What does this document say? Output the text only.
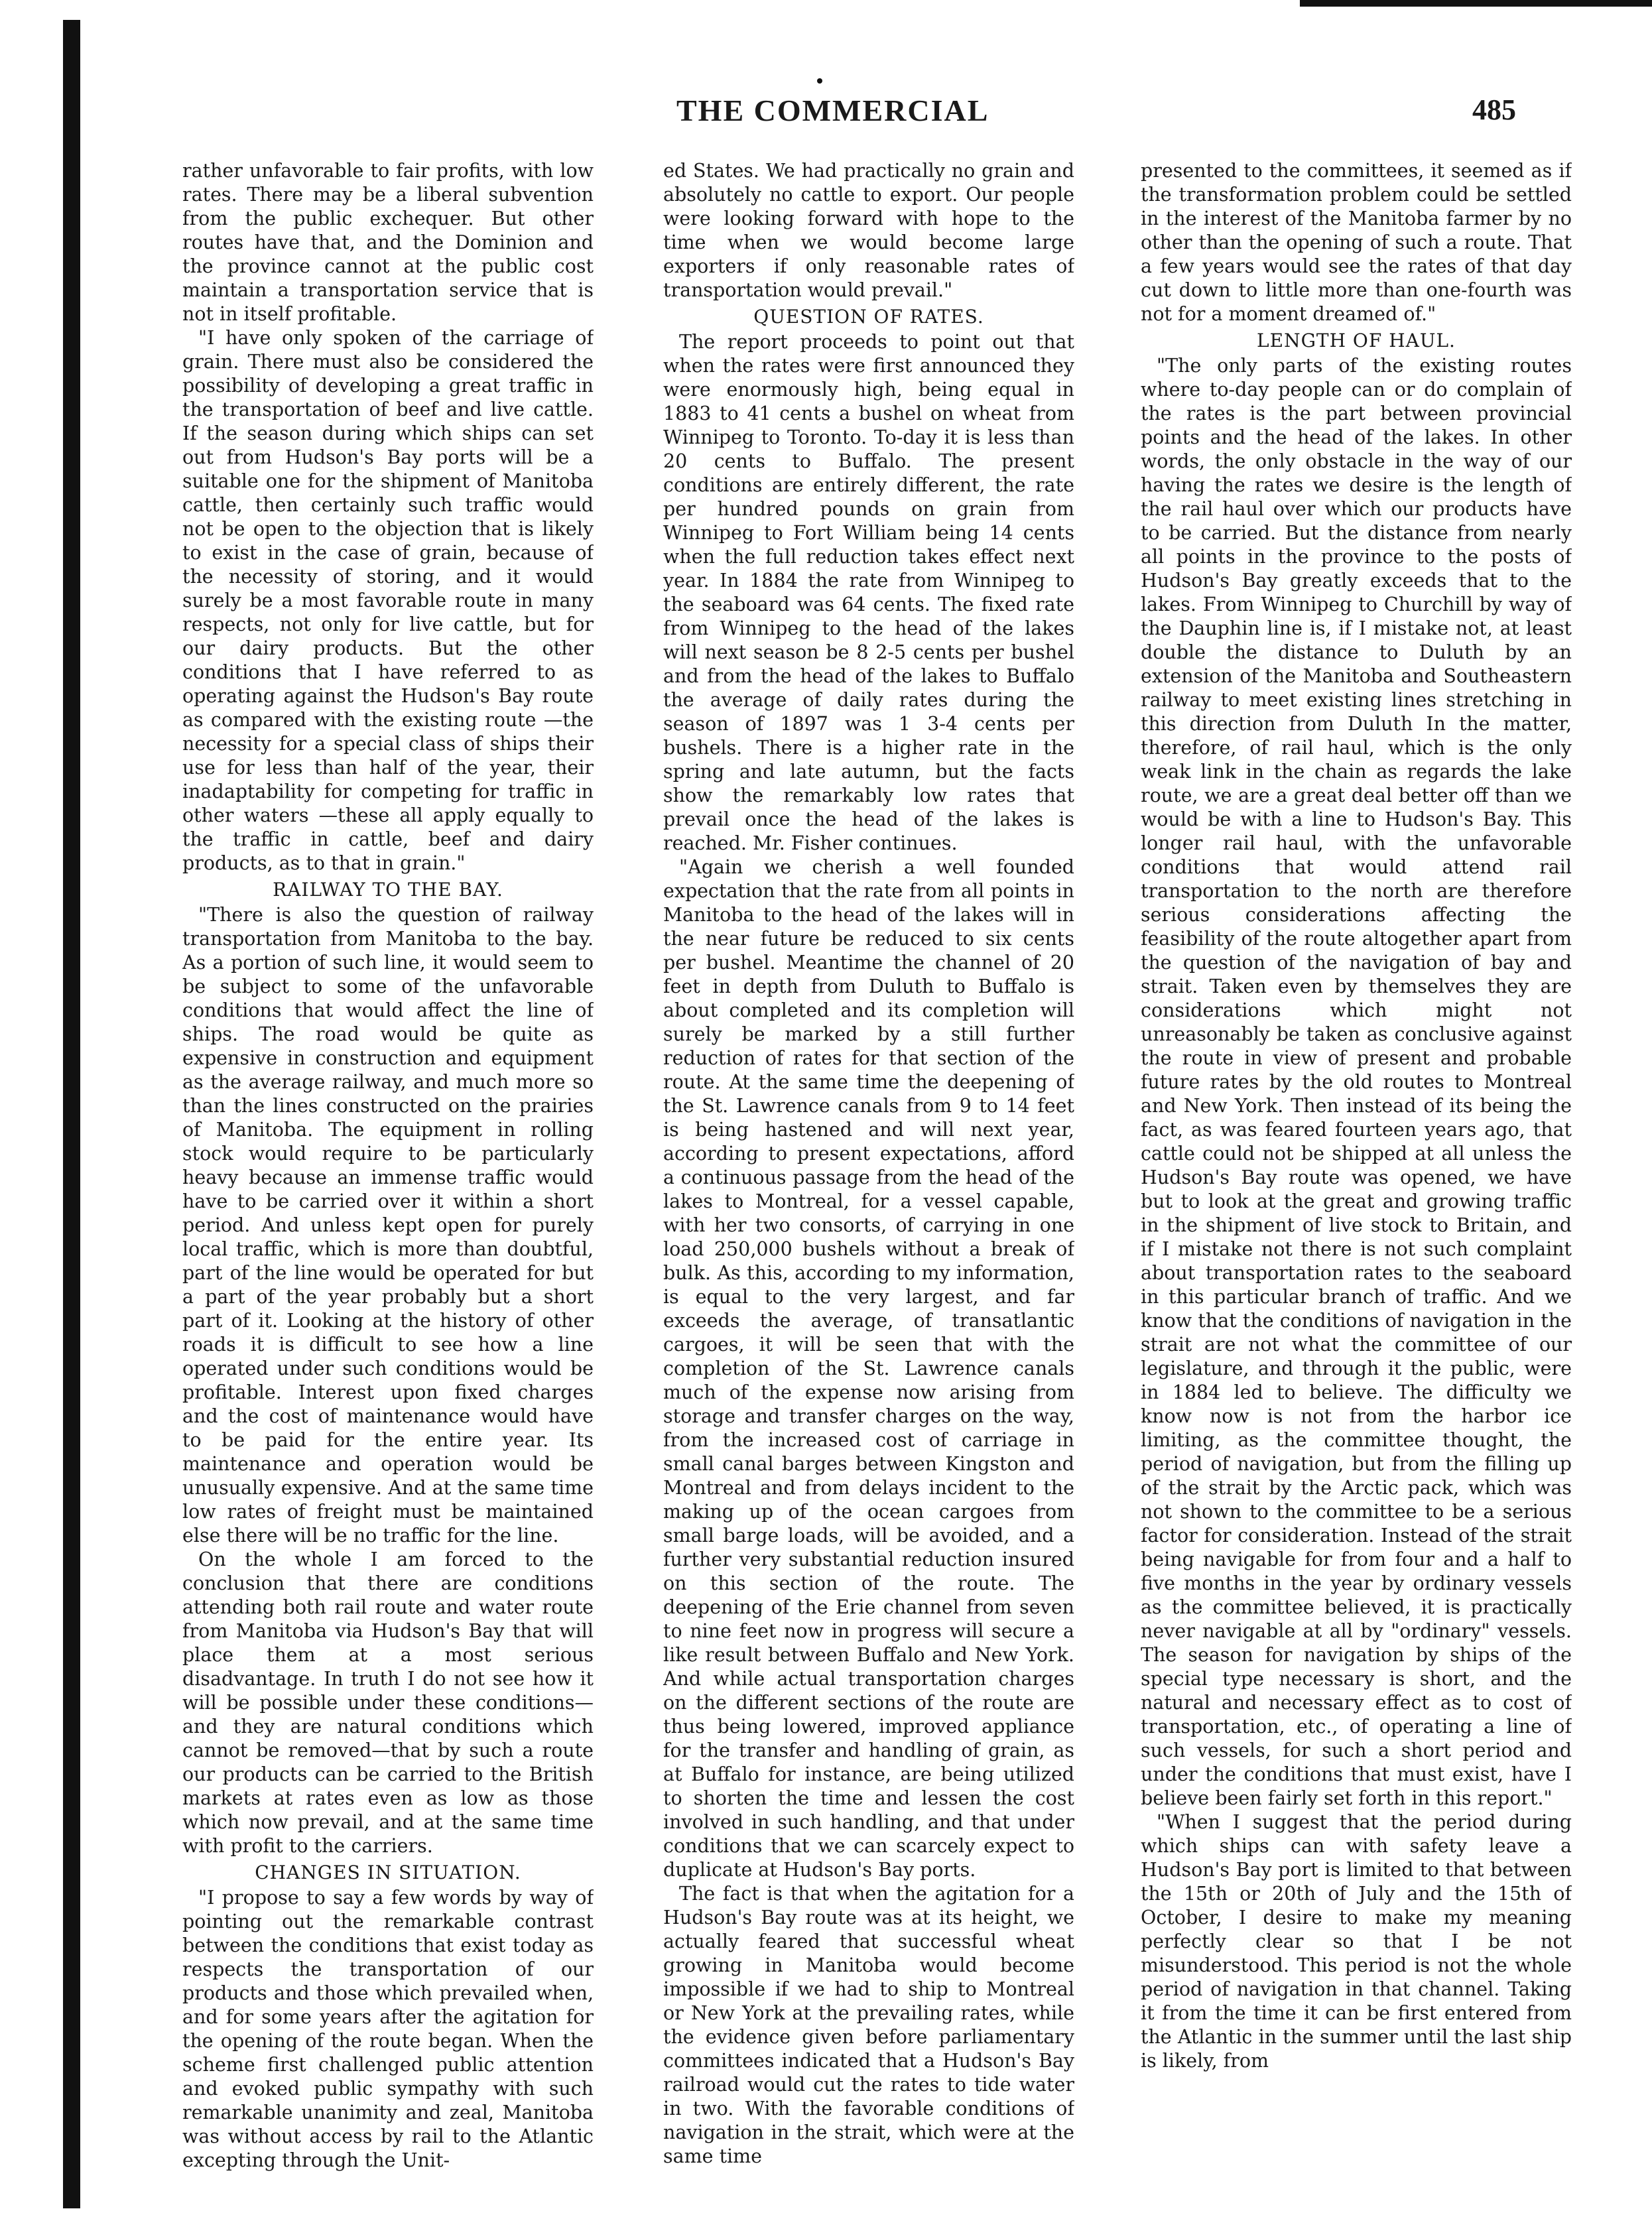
THE COMMERCIAL	485

rather unfavorable to fair profits, with low rates. There may be a liberal subvention from the public exchequer. But other routes have that, and the Dominion and the province cannot at the public cost maintain a transportation service that is not in itself profitable.

"I have only spoken of the carriage of grain. There must also be considered the possibility of developing a great traffic in the transportation of beef and live cattle. If the season during which ships can set out from Hudson's Bay ports will be a suitable one for the shipment of Manitoba cattle, then certainly such traffic would not be open to the objection that is likely to exist in the case of grain, because of the necessity of storing, and it would surely be a most favorable route in many respects, not only for live cattle, but for our dairy products. But the other conditions that I have referred to as operating against the Hudson's Bay route as compared with the existing route —the necessity for a special class of ships their use for less than half of the year, their inadaptability for competing for traffic in other waters —these all apply equally to the traffic in cattle, beef and dairy products, as to that in grain."

RAILWAY TO THE BAY.

"There is also the question of railway transportation from Manitoba to the bay. As a portion of such line, it would seem to be subject to some of the unfavorable conditions that would affect the line of ships. The road would be quite as expensive in construction and equipment as the average railway, and much more so than the lines constructed on the prairies of Manitoba. The equipment in rolling stock would require to be particularly heavy because an immense traffic would have to be carried over it within a short period. And unless kept open for purely local traffic, which is more than doubtful, part of the line would be operated for but a part of the year probably but a short part of it. Looking at the history of other roads it is difficult to see how a line operated under such conditions would be profitable. Interest upon fixed charges and the cost of maintenance would have to be paid for the entire year. Its maintenance and operation would be unusually expensive. And at the same time low rates of freight must be maintained else there will be no traffic for the line.

On the whole I am forced to the conclusion that there are conditions attending both rail route and water route from Manitoba via Hudson's Bay that will place them at a most serious disadvantage. In truth I do not see how it will be possible under these conditions—and they are natural conditions which cannot be removed—that by such a route our products can be carried to the British markets at rates even as low as those which now prevail, and at the same time with profit to the carriers.

CHANGES IN SITUATION.

"I propose to say a few words by way of pointing out the remarkable contrast between the conditions that exist today as respects the transportation of our products and those which prevailed when, and for some years after the agitation for the opening of the route began. When the scheme first challenged public attention and evoked public sympathy with such remarkable unanimity and zeal, Manitoba was without access by rail to the Atlantic excepting through the Unit-

ed States. We had practically no grain and absolutely no cattle to export. Our people were looking forward with hope to the time when we would become large exporters if only reasonable rates of transportation would prevail."

QUESTION OF RATES.

The report proceeds to point out that when the rates were first announced they were enormously high, being equal in 1883 to 41 cents a bushel on wheat from Winnipeg to Toronto. To-day it is less than 20 cents to Buffalo. The present conditions are entirely different, the rate per hundred pounds on grain from Winnipeg to Fort William being 14 cents when the full reduction takes effect next year. In 1884 the rate from Winnipeg to the seaboard was 64 cents. The fixed rate from Winnipeg to the head of the lakes will next season be 8 2-5 cents per bushel and from the head of the lakes to Buffalo the average of daily rates during the season of 1897 was 1 3-4 cents per bushels. There is a higher rate in the spring and late autumn, but the facts show the remarkably low rates that prevail once the head of the lakes is reached. Mr. Fisher continues.

"Again we cherish a well founded expectation that the rate from all points in Manitoba to the head of the lakes will in the near future be reduced to six cents per bushel. Meantime the channel of 20 feet in depth from Duluth to Buffalo is about completed and its completion will surely be marked by a still further reduction of rates for that section of the route. At the same time the deepening of the St. Lawrence canals from 9 to 14 feet is being hastened and will next year, according to present expectations, afford a continuous passage from the head of the lakes to Montreal, for a vessel capable, with her two consorts, of carrying in one load 250,000 bushels without a break of bulk. As this, according to my information, is equal to the very largest, and far exceeds the average, of transatlantic cargoes, it will be seen that with the completion of the St. Lawrence canals much of the expense now arising from storage and transfer charges on the way, from the increased cost of carriage in small canal barges between Kingston and Montreal and from delays incident to the making up of the ocean cargoes from small barge loads, will be avoided, and a further very substantial reduction insured on this section of the route. The deepening of the Erie channel from seven to nine feet now in progress will secure a like result between Buffalo and New York. And while actual transportation charges on the different sections of the route are thus being lowered, improved appliance for the transfer and handling of grain, as at Buffalo for instance, are being utilized to shorten the time and lessen the cost involved in such handling, and that under conditions that we can scarcely expect to duplicate at Hudson's Bay ports.

The fact is that when the agitation for a Hudson's Bay route was at its height, we actually feared that successful wheat growing in Manitoba would become impossible if we had to ship to Montreal or New York at the prevailing rates, while the evidence given before parliamentary committees indicated that a Hudson's Bay railroad would cut the rates to tide water in two. With the favorable conditions of navigation in the strait, which were at the same time

presented to the committees, it seemed as if the transformation problem could be settled in the interest of the Manitoba farmer by no other than the opening of such a route. That a few years would see the rates of that day cut down to little more than one-fourth was not for a moment dreamed of."

LENGTH OF HAUL.

"The only parts of the existing routes where to-day people can or do complain of the rates is the part between provincial points and the head of the lakes. In other words, the only obstacle in the way of our having the rates we desire is the length of the rail haul over which our products have to be carried. But the distance from nearly all points in the province to the posts of Hudson's Bay greatly exceeds that to the lakes. From Winnipeg to Churchill by way of the Dauphin line is, if I mistake not, at least double the distance to Duluth by an extension of the Manitoba and Southeastern railway to meet existing lines stretching in this direction from Duluth In the matter, therefore, of rail haul, which is the only weak link in the chain as regards the lake route, we are a great deal better off than we would be with a line to Hudson's Bay. This longer rail haul, with the unfavorable conditions that would attend rail transportation to the north are therefore serious considerations affecting the feasibility of the route altogether apart from the question of the navigation of bay and strait. Taken even by themselves they are considerations which might not unreasonably be taken as conclusive against the route in view of present and probable future rates by the old routes to Montreal and New York. Then instead of its being the fact, as was feared fourteen years ago, that cattle could not be shipped at all unless the Hudson's Bay route was opened, we have but to look at the great and growing traffic in the shipment of live stock to Britain, and if I mistake not there is not such complaint about transportation rates to the seaboard in this particular branch of traffic. And we know that the conditions of navigation in the strait are not what the committee of our legislature, and through it the public, were in 1884 led to believe. The difficulty we know now is not from the harbor ice limiting, as the committee thought, the period of navigation, but from the filling up of the strait by the Arctic pack, which was not shown to the committee to be a serious factor for consideration. Instead of the strait being navigable for from four and a half to five months in the year by ordinary vessels as the committee believed, it is practically never navigable at all by "ordinary" vessels. The season for navigation by ships of the special type necessary is short, and the natural and necessary effect as to cost of transportation, etc., of operating a line of such vessels, for such a short period and under the conditions that must exist, have I believe been fairly set forth in this report."

"When I suggest that the period during which ships can with safety leave a Hudson's Bay port is limited to that between the 15th or 20th of July and the 15th of October, I desire to make my meaning perfectly clear so that I be not misunderstood. This period is not the whole period of navigation in that channel. Taking it from the time it can be first entered from the Atlantic in the summer until the last ship is likely, from
